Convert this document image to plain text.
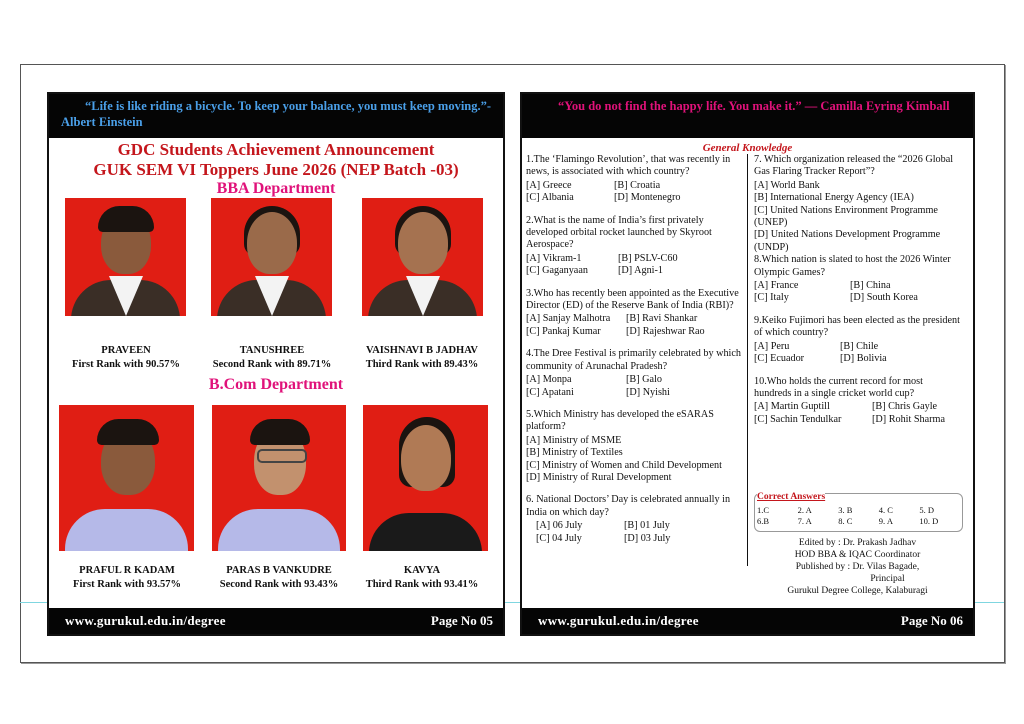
“Life is like riding a bicycle. To keep your balance, you must keep moving.”- Albert Einstein
GDC Students Achievement Announcement
GUK SEM VI Toppers June 2026 (NEP Batch -03)
BBA Department
PRAVEEN
First Rank with 90.57%
TANUSHREE
Second Rank with 89.71%
VAISHNAVI B JADHAV
Third Rank with 89.43%
B.Com Department
PRAFUL R KADAM
First Rank with 93.57%
PARAS B VANKUDRE
Second Rank with 93.43%
KAVYA
Third Rank with 93.41%
www.gurukul.edu.in/degree	Page No 05
“You do not find the happy life. You make it.” — Camilla Eyring Kimball
General Knowledge
1.The ‘Flamingo Revolution’, that was recently in news, is associated with which country?
[A] Greece	[B] Croatia
[C] Albania	[D] Montenegro
2.What is the name of India’s first privately developed orbital rocket launched by Skyroot Aerospace?
[A] Vikram-1	[B] PSLV-C60
[C] Gaganyaan	[D] Agni-1
3.Who has recently been appointed as the Executive Director (ED) of the Reserve Bank of India (RBI)?
[A] Sanjay Malhotra	[B] Ravi Shankar
[C] Pankaj Kumar	[D] Rajeshwar Rao
4.The Dree Festival is primarily celebrated by which community of Arunachal Pradesh?
[A] Monpa	[B] Galo
[C] Apatani	[D] Nyishi
5.Which Ministry has developed the eSARAS platform?
[A] Ministry of MSME
[B] Ministry of Textiles
[C] Ministry of Women and Child Development
[D] Ministry of Rural Development
6. National Doctors’ Day is celebrated annually in India on which day?
[A] 06 July	[B] 01 July
[C] 04 July	[D] 03 July
7. Which organization released the “2026 Global Gas Flaring Tracker Report”?
[A] World Bank
[B] International Energy Agency (IEA)
[C] United Nations Environment Programme (UNEP)
[D] United Nations Development Programme (UNDP)
8.Which nation is slated to host the 2026 Winter Olympic Games?
[A] France	[B] China
[C] Italy	[D] South Korea
9.Keiko Fujimori has been elected as the president of which country?
[A] Peru	[B] Chile
[C] Ecuador	[D] Bolivia
10.Who holds the current record for most hundreds in a single cricket world cup?
[A] Martin Guptill	[B] Chris Gayle
[C] Sachin Tendulkar	[D] Rohit Sharma
Correct Answers
1.C	2. A	3. B	4. C	5. D
6.B	7. A	8. C	9. A	10. D
Edited by : Dr. Prakash Jadhav
HOD BBA & IQAC Coordinator
Published by : Dr. Vilas Bagade,
Principal
Gurukul Degree College, Kalaburagi
www.gurukul.edu.in/degree	Page No 06
